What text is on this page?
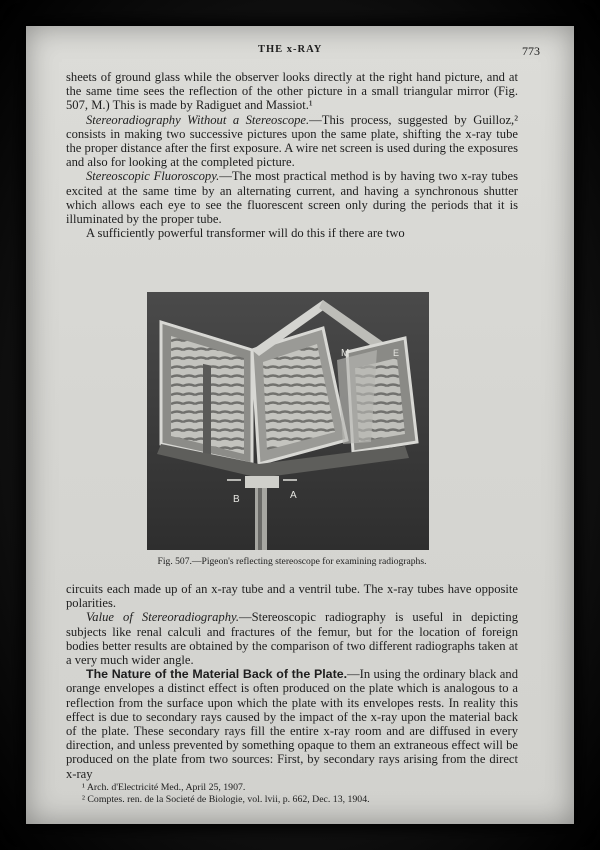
THE x-RAY	773

sheets of ground glass while the observer looks directly at the right hand picture, and at the same time sees the reflection of the other picture in a small triangular mirror (Fig. 507, M.) This is made by Radiguet and Massiot.¹

Stereoradiography Without a Stereoscope.—This process, suggested by Guilloz,² consists in making two successive pictures upon the same plate, shifting the x-ray tube the proper distance after the first exposure. A wire net screen is used during the exposures and also for looking at the completed picture.

Stereoscopic Fluoroscopy.—The most practical method is by having two x-ray tubes excited at the same time by an alternating current, and having a synchronous shutter which allows each eye to see the fluorescent screen only during the periods that it is illuminated by the proper tube.

A sufficiently powerful transformer will do this if there are two

B	A
M	E
Fig. 507.—Pigeon's reflecting stereoscope for examining radiographs.

circuits each made up of an x-ray tube and a ventril tube. The x-ray tubes have opposite polarities.

Value of Stereoradiography.—Stereoscopic radiography is useful in depicting subjects like renal calculi and fractures of the femur, but for the location of foreign bodies better results are obtained by the comparison of two different radiographs taken at a very much wider angle.

The Nature of the Material Back of the Plate.—In using the ordinary black and orange envelopes a distinct effect is often produced on the plate which is analogous to a reflection from the surface upon which the plate with its envelopes rests. In reality this effect is due to secondary rays caused by the impact of the x-ray upon the material back of the plate. These secondary rays fill the entire x-ray room and are diffused in every direction, and unless prevented by something opaque to them an extraneous effect will be produced on the plate from two sources: First, by secondary rays arising from the direct x-ray

¹ Arch. d'Electricité Med., April 25, 1907.

² Comptes. ren. de la Societé de Biologie, vol. lvii, p. 662, Dec. 13, 1904.
